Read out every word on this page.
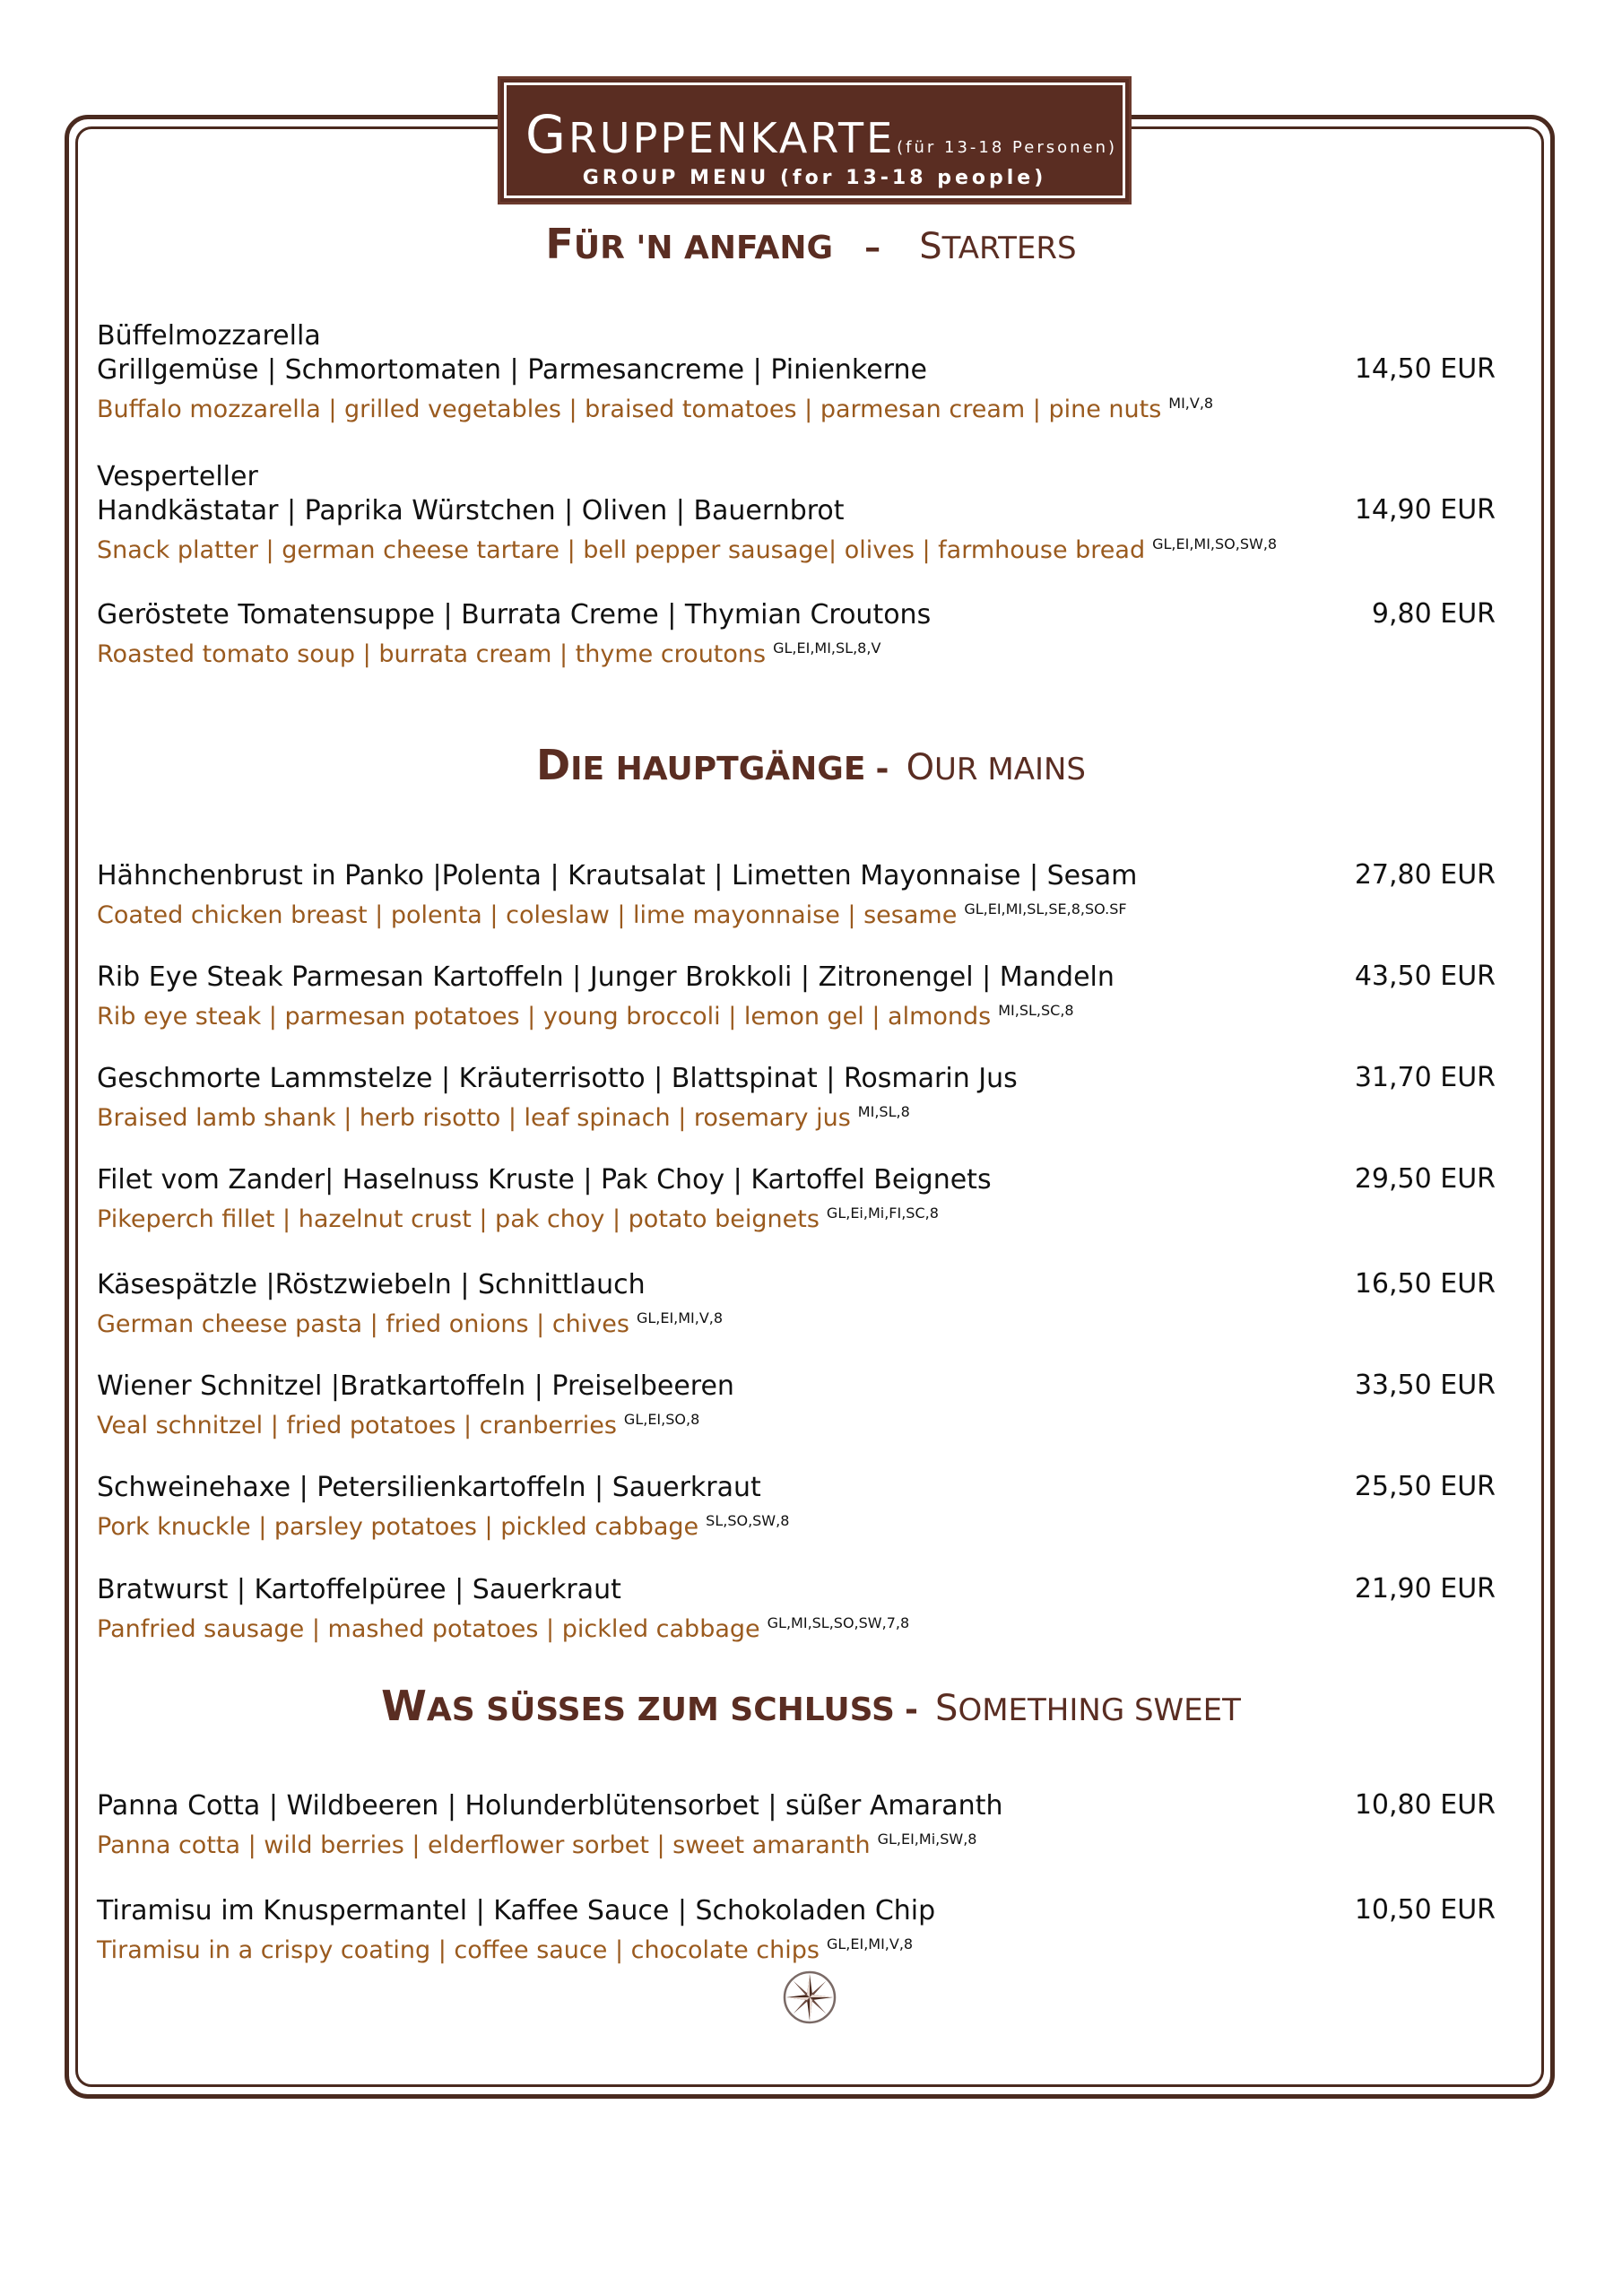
GRUPPENKARTE (für 13-18 Personen)
GROUP MENU (for 13-18 people)
FÜR 'N ANFANG – STARTERS
Büffelmozzarella
Grillgemüse | Schmortomaten | Parmesancreme | Pinienkerne
Buffalo mozzarella | grilled vegetables | braised tomatoes | parmesan cream | pine nuts $^{MI,V,8}$
14,50 EUR
Vesperteller
Handkästatar | Paprika Würstchen | Oliven | Bauernbrot
Snack platter | german cheese tartare | bell pepper sausage| olives | farmhouse bread $^{GL,EI,MI,SO,SW,8}$
14,90 EUR
Geröstete Tomatensuppe | Burrata Creme | Thymian Croutons
Roasted tomato soup | burrata cream | thyme croutons $^{GL,EI,MI,SL,8,V}$
9,80 EUR
DIE HAUPTGÄNGE - OUR MAINS
Hähnchenbrust in Panko |Polenta | Krautsalat | Limetten Mayonnaise | Sesam
Coated chicken breast | polenta | coleslaw | lime mayonnaise | sesame $^{GL,EI,MI,SL,SE,8,SO.SF}$
27,80 EUR
Rib Eye Steak Parmesan Kartoffeln | Junger Brokkoli | Zitronengel | Mandeln
Rib eye steak | parmesan potatoes | young broccoli | lemon gel | almonds $^{MI,SL,SC,8}$
43,50 EUR
Geschmorte Lammstelze | Kräuterrisotto | Blattspinat | Rosmarin Jus
Braised lamb shank | herb risotto | leaf spinach | rosemary jus $^{MI,SL,8}$
31,70 EUR
Filet vom Zander| Haselnuss Kruste | Pak Choy | Kartoffel Beignets
Pikeperch fillet | hazelnut crust | pak choy | potato beignets $^{GL,Ei,Mi,FI,SC,8}$
29,50 EUR
Käsespätzle |Röstzwiebeln | Schnittlauch
German cheese pasta | fried onions | chives $^{GL,EI,MI,V,8}$
16,50 EUR
Wiener Schnitzel |Bratkartoffeln | Preiselbeeren
Veal schnitzel | fried potatoes | cranberries $^{GL,EI,SO,8}$
33,50 EUR
Schweinehaxe | Petersilienkartoffeln | Sauerkraut
Pork knuckle | parsley potatoes | pickled cabbage $^{SL,SO,SW,8}$
25,50 EUR
Bratwurst | Kartoffelpüree | Sauerkraut
Panfried sausage | mashed potatoes | pickled cabbage $^{GL,MI,SL,SO,SW,7,8}$
21,90 EUR
WAS SÜSSES ZUM SCHLUSS - SOMETHING SWEET
Panna Cotta | Wildbeeren | Holunderblütensorbet | süßer Amaranth
Panna cotta | wild berries | elderflower sorbet | sweet amaranth $^{GL,EI,Mi,SW,8}$
10,80 EUR
Tiramisu im Knuspermantel | Kaffee Sauce | Schokoladen Chip
Tiramisu in a crispy coating | coffee sauce | chocolate chips $^{GL,EI,MI,V,8}$
10,50 EUR
